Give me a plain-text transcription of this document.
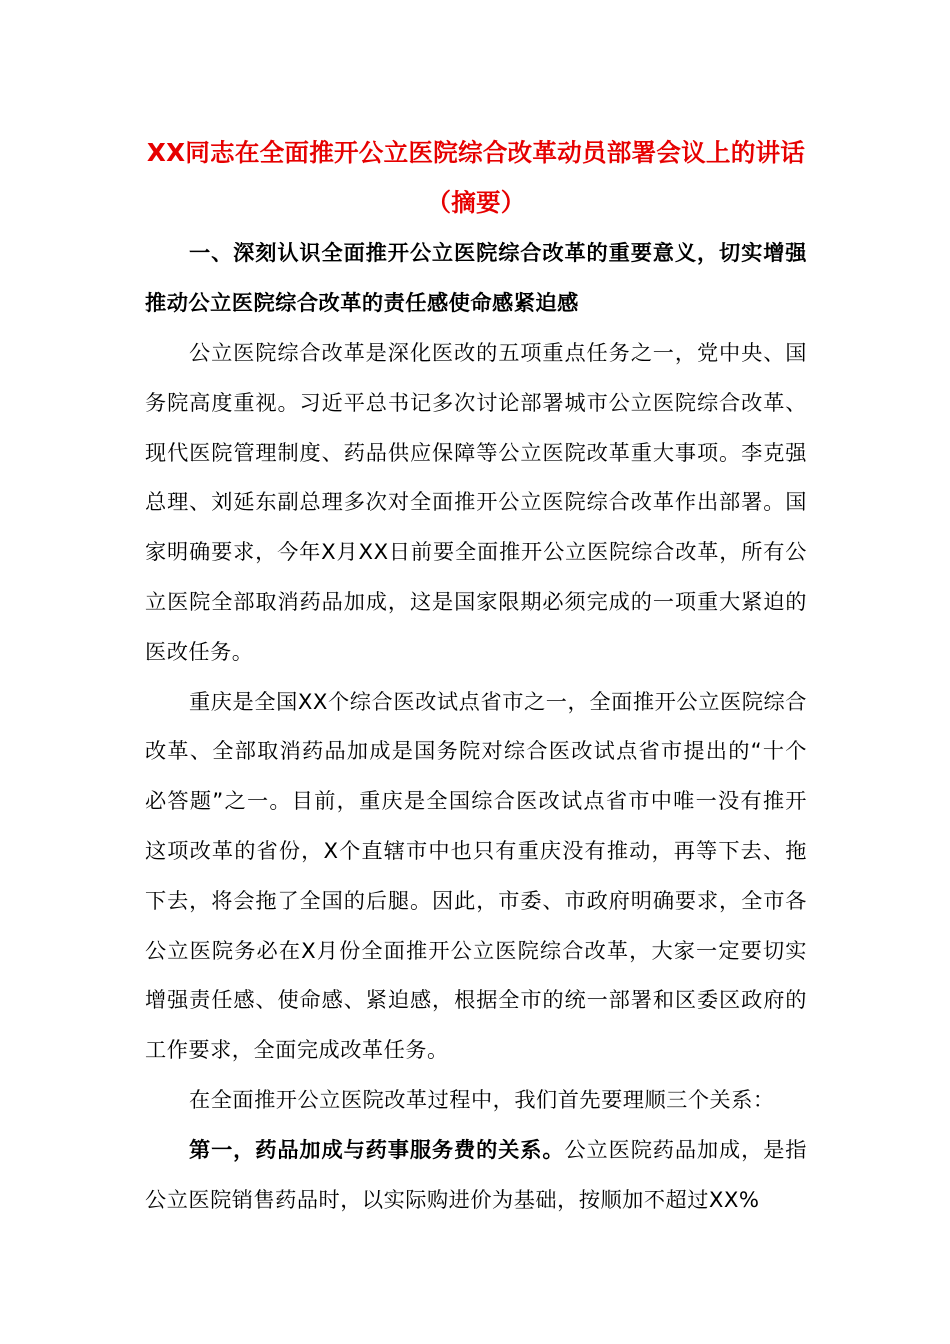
XX同志在全面推开公立医院综合改革动员部署会议上的讲话（摘要）

一、深刻认识全面推开公立医院综合改革的重要意义，切实增强推动公立医院综合改革的责任感使命感紧迫感

公立医院综合改革是深化医改的五项重点任务之一，党中央、国务院高度重视。习近平总书记多次讨论部署城市公立医院综合改革、现代医院管理制度、药品供应保障等公立医院改革重大事项。李克强总理、刘延东副总理多次对全面推开公立医院综合改革作出部署。国家明确要求，今年X月XX日前要全面推开公立医院综合改革，所有公立医院全部取消药品加成，这是国家限期必须完成的一项重大紧迫的医改任务。

重庆是全国XX个综合医改试点省市之一，全面推开公立医院综合改革、全部取消药品加成是国务院对综合医改试点省市提出的“十个必答题”之一。目前，重庆是全国综合医改试点省市中唯一没有推开这项改革的省份，X个直辖市中也只有重庆没有推动，再等下去、拖下去，将会拖了全国的后腿。因此，市委、市政府明确要求，全市各公立医院务必在X月份全面推开公立医院综合改革，大家一定要切实增强责任感、使命感、紧迫感，根据全市的统一部署和区委区政府的工作要求，全面完成改革任务。

在全面推开公立医院改革过程中，我们首先要理顺三个关系：

第一，药品加成与药事服务费的关系。公立医院药品加成，是指公立医院销售药品时，以实际购进价为基础，按顺加不超过XX%
